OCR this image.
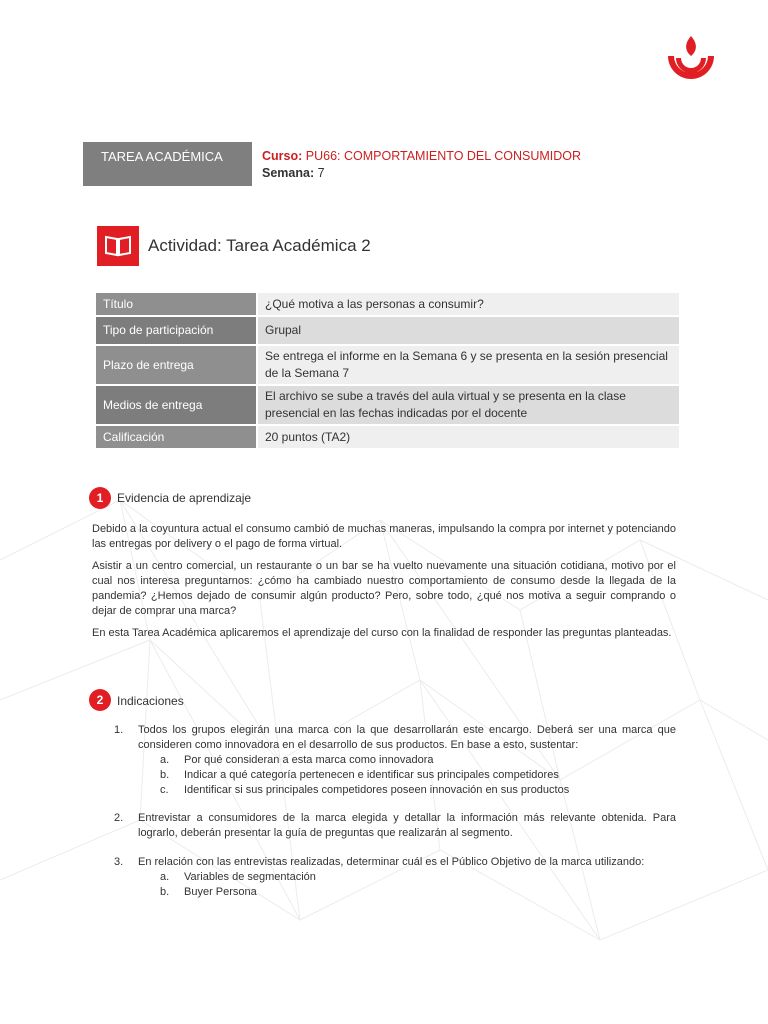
TAREA ACADÉMICA	Curso: PU66: COMPORTAMIENTO DEL CONSUMIDOR
Semana: 7
Actividad: Tarea Académica 2
Título	¿Qué motiva a las personas a consumir?
Tipo de participación	Grupal
Plazo de entrega	Se entrega el informe en la Semana 6 y se presenta en la sesión presencial de la Semana 7
Medios de entrega	El archivo se sube a través del aula virtual y se presenta en la clase presencial en las fechas indicadas por el docente
Calificación	20 puntos (TA2)
1	Evidencia de aprendizaje

Debido a la coyuntura actual el consumo cambió de muchas maneras, impulsando la compra por internet y potenciando las entregas por delivery o el pago de forma virtual.

Asistir a un centro comercial, un restaurante o un bar se ha vuelto nuevamente una situación cotidiana, motivo por el cual nos interesa preguntarnos: ¿cómo ha cambiado nuestro comportamiento de consumo desde la llegada de la pandemia? ¿Hemos dejado de consumir algún producto? Pero, sobre todo, ¿qué nos motiva a seguir comprando o dejar de comprar una marca?

En esta Tarea Académica aplicaremos el aprendizaje del curso con la finalidad de responder las preguntas planteadas.

2	Indicaciones
1. Todos los grupos elegirán una marca con la que desarrollarán este encargo. Deberá ser una marca que consideren como innovadora en el desarrollo de sus productos. En base a esto, sustentar:
a. Por qué consideran a esta marca como innovadora
b. Indicar a qué categoría pertenecen e identificar sus principales competidores
c. Identificar si sus principales competidores poseen innovación en sus productos
2. Entrevistar a consumidores de la marca elegida y detallar la información más relevante obtenida. Para lograrlo, deberán presentar la guía de preguntas que realizarán al segmento.
3. En relación con las entrevistas realizadas, determinar cuál es el Público Objetivo de la marca utilizando:
a. Variables de segmentación
b. Buyer Persona
